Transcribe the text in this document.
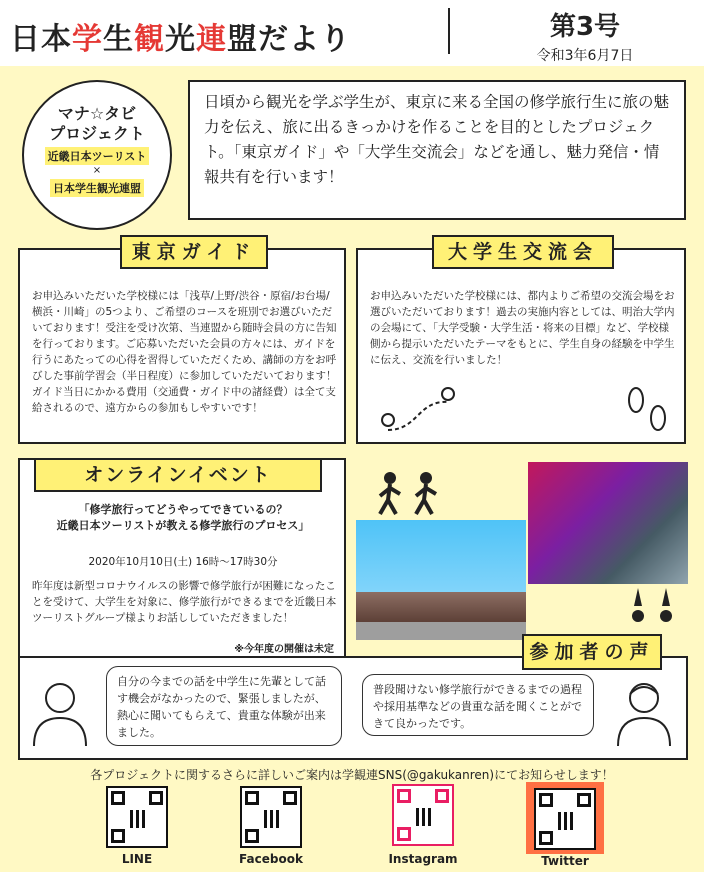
日本学生観光連盟だより	第3号
令和3年6月7日
マナ☆タビ
プロジェクト
近畿日本ツーリスト
×
日本学生観光連盟
日頃から観光を学ぶ学生が、東京に来る全国の修学旅行生に旅の魅力を伝え、旅に出るきっかけを作ることを目的としたプロジェクト。「東京ガイド」や「大学生交流会」などを通し、魅力発信・情報共有を行います！
東京ガイド
お申込みいただいた学校様には「浅草/上野/渋谷・原宿/お台場/横浜・川崎」の5つより、ご希望のコースを班別でお選びいただいております！受注を受け次第、当連盟から随時会員の方に告知を行っております。ご応募いただいた会員の方々には、ガイドを行うにあたっての心得を習得していただくため、講師の方をお呼びした事前学習会（半日程度）に参加していただいております！　ガイド当日にかかる費用（交通費・ガイド中の諸経費）は全て支給されるので、遠方からの参加もしやすいです！
大学生交流会
お申込みいただいた学校様には、都内よりご希望の交流会場をお選びいただいております！過去の実施内容としては、明治大学内の会場にて、「大学受験・大学生活・将来の目標」など、学校様側から提示いただいたテーマをもとに、学生自身の経験を中学生に伝え、交流を行いました！
オンラインイベント
「修学旅行ってどうやってできているの？
近畿日本ツーリストが教える修学旅行のプロセス」
2020年10月10日(土) 16時～17時30分
昨年度は新型コロナウイルスの影響で修学旅行が困難になったことを受けて、大学生を対象に、修学旅行ができるまでを近畿日本ツーリストグループ様よりお話ししていただきました！
※今年度の開催は未定	参加者の声
自分の今までの話を中学生に先輩として話す機会がなかったので、緊張しましたが、熱心に聞いてもらえて、貴重な体験が出来ました。
普段聞けない修学旅行ができるまでの過程や採用基準などの貴重な話を聞くことができて良かったです。
各プロジェクトに関するさらに詳しいご案内は学観連SNS(@gakukanren)にてお知らせします！
LINE	Facebook	Instagram	Twitter
